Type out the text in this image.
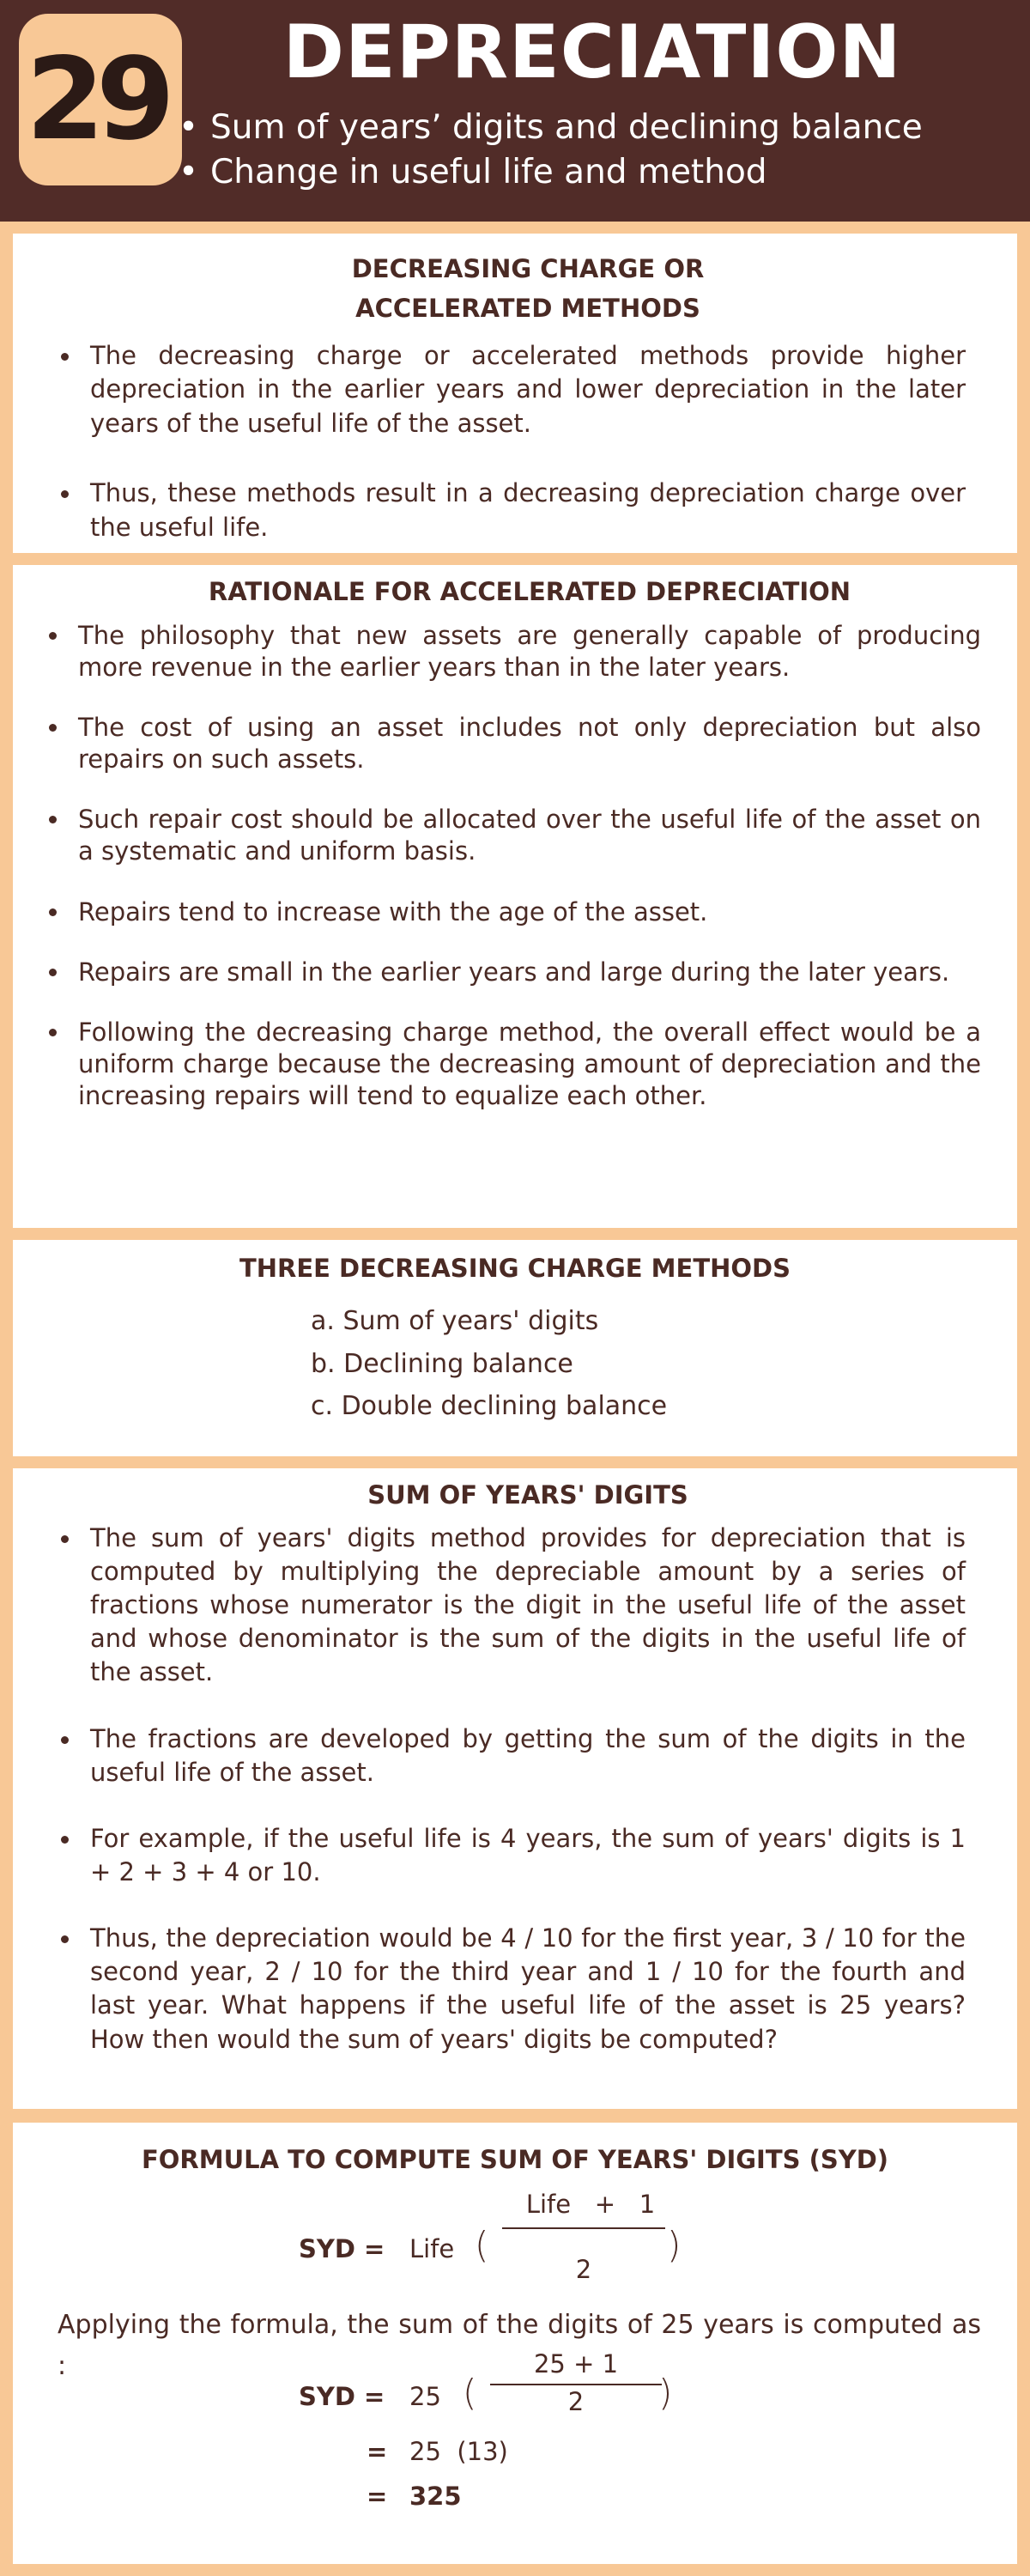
29	DEPRECIATION
• Sum of years’ digits and declining balance
• Change in useful life and method
DECREASING CHARGE OR
ACCELERATED METHODS
The decreasing charge or accelerated methods provide higher depreciation in the earlier years and lower depreciation in the later years of the useful life of the asset.
Thus, these methods result in a decreasing depreciation charge over the useful life.
RATIONALE FOR ACCELERATED DEPRECIATION
The philosophy that new assets are generally capable of producing more revenue in the earlier years than in the later years.
The cost of using an asset includes not only depreciation but also repairs on such assets.
Such repair cost should be allocated over the useful life of the asset on a systematic and uniform basis.
Repairs tend to increase with the age of the asset.
Repairs are small in the earlier years and large during the later years.
Following the decreasing charge method, the overall effect would be a uniform charge because the decreasing amount of depreciation and the increasing repairs will tend to equalize each other.
THREE DECREASING CHARGE METHODS
a. Sum of years' digits
b. Declining balance
c. Double declining balance
SUM OF YEARS' DIGITS
The sum of years' digits method provides for depreciation that is computed by multiplying the depreciable amount by a series of fractions whose numerator is the digit in the useful life of the asset and whose denominator is the sum of the digits in the useful life of the asset.
The fractions are developed by getting the sum of the digits in the useful life of the asset.
For example, if the useful life is 4 years, the sum of years' digits is 1 + 2 + 3 + 4 or 10.
Thus, the depreciation would be 4 / 10 for the first year, 3 / 10 for the second year, 2 / 10 for the third year and 1 / 10 for the fourth and last year. What happens if the useful life of the asset is 25 years? How then would the sum of years' digits be computed?
FORMULA TO COMPUTE SUM OF YEARS' DIGITS (SYD)
SYD = Life (
Life   +   1
2
)
Applying the formula, the sum of the digits of 25 years is computed as :
SYD = 25 (
25 + 1
2	)
= 25  (13)
= 325
